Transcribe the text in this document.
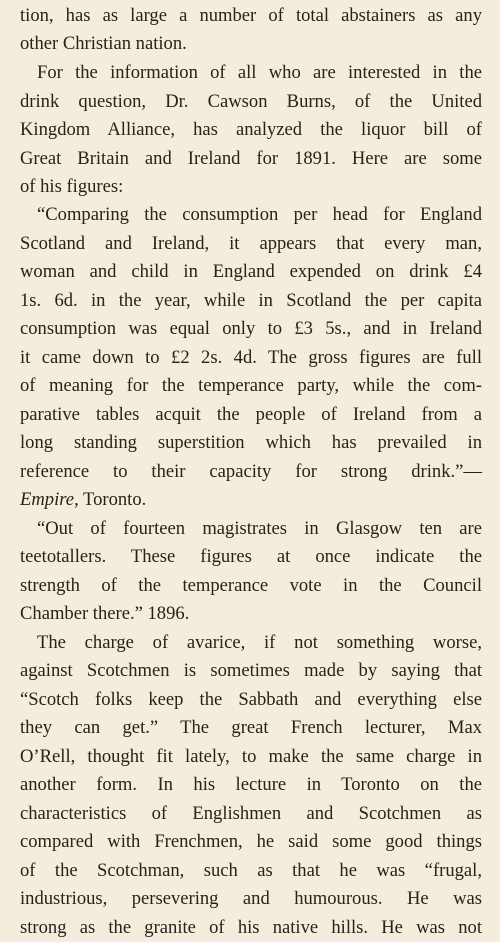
tion, has as large a number of total abstainers as any
other Christian nation.
For the information of all who are interested in the
drink question, Dr. Cawson Burns, of the United
Kingdom Alliance, has analyzed the liquor bill of
Great Britain and Ireland for 1891. Here are some
of his figures:
“Comparing the consumption per head for England
Scotland and Ireland, it appears that every man,
woman and child in England expended on drink £4
1s. 6d. in the year, while in Scotland the per capita
consumption was equal only to £3 5s., and in Ireland
it came down to £2 2s. 4d. The gross figures are full
of meaning for the temperance party, while the com-
parative tables acquit the people of Ireland from a
long standing superstition which has prevailed in
reference to their capacity for strong drink.”—
Empire, Toronto.
“Out of fourteen magistrates in Glasgow ten are
teetotallers. These figures at once indicate the
strength of the temperance vote in the Council
Chamber there.” 1896.
The charge of avarice, if not something worse,
against Scotchmen is sometimes made by saying that
“Scotch folks keep the Sabbath and everything else
they can get.” The great French lecturer, Max
O’Rell, thought fit lately, to make the same charge in
another form. In his lecture in Toronto on the
characteristics of Englishmen and Scotchmen as
compared with Frenchmen, he said some good things
of the Scotchman, such as that he was “frugal,
industrious, persevering and humourous. He was
strong as the granite of his native hills. He was not
